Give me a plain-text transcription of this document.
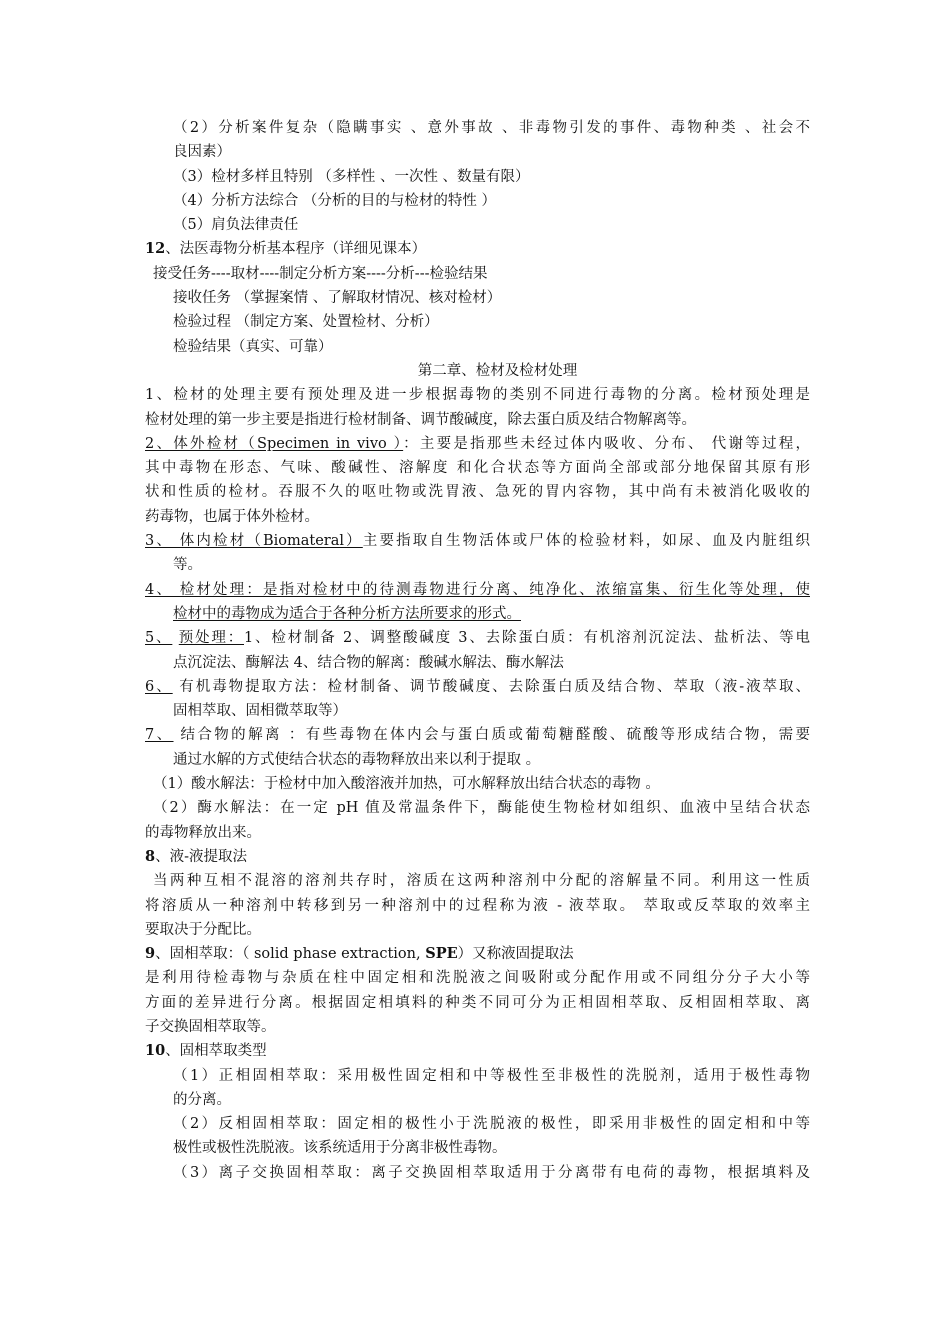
（2）分析案件复杂（隐瞒事实 、意外事故 、非毒物引发的事件、毒物种类 、社会不
良因素）
（3）检材多样且特别 （多样性 、一次性 、数量有限）
（4）分析方法综合 （分析的目的与检材的特性 ）
（5）肩负法律责任
12、法医毒物分析基本程序（详细见课本）
接受任务----取材----制定分析方案----分析---检验结果
接收任务 （掌握案情 、了解取材情况、核对检材）
检验过程 （制定方案、处置检材、分析）
检验结果（真实、可靠）
第二章、检材及检材处理
1、检材的处理主要有预处理及进一步根据毒物的类别不同进行毒物的分离。检材预处理是
检材处理的第一步主要是指进行检材制备、调节酸碱度，除去蛋白质及结合物解离等。
2、体外检材（Specimen in vivo ）：主要是指那些未经过体内吸收、分布、 代谢等过程，
其中毒物在形态、气味、酸碱性、溶解度 和化合状态等方面尚全部或部分地保留其原有形
状和性质的检材。吞服不久的呕吐物或洗胃液、急死的胃内容物，其中尚有未被消化吸收的
药毒物，也属于体外检材。
3、 体内检材（Biomateral）主要指取自生物活体或尸体的检验材料，如尿、血及内脏组织
等。
4、 检材处理：是指对检材中的待测毒物进行分离、纯净化、浓缩富集、衍生化等处理，使
检材中的毒物成为适合于各种分析方法所要求的形式。
5、 预处理：1、检材制备 2、调整酸碱度 3、去除蛋白质：有机溶剂沉淀法、盐析法、等电
点沉淀法、酶解法 4、结合物的解离：酸碱水解法、酶水解法
6、 有机毒物提取方法：检材制备、调节酸碱度、去除蛋白质及结合物、萃取（液-液萃取、
固相萃取、固相微萃取等）
7、 结合物的解离 ：有些毒物在体内会与蛋白质或葡萄糖醛酸、硫酸等形成结合物，需要
通过水解的方式使结合状态的毒物释放出来以利于提取 。
（1）酸水解法：于检材中加入酸溶液并加热，可水解释放出结合状态的毒物 。
（2）酶水解法：在一定 pH 值及常温条件下，酶能使生物检材如组织、血液中呈结合状态
的毒物释放出来。
8、液-液提取法
当两种互相不混溶的溶剂共存时，溶质在这两种溶剂中分配的溶解量不同。利用这一性质
将溶质从一种溶剂中转移到另一种溶剂中的过程称为液 - 液萃取。 萃取或反萃取的效率主
要取决于分配比。
9、固相萃取：（ solid phase extraction, SPE）又称液固提取法
是利用待检毒物与杂质在柱中固定相和洗脱液之间吸附或分配作用或不同组分分子大小等
方面的差异进行分离。根据固定相填料的种类不同可分为正相固相萃取、反相固相萃取、离
子交换固相萃取等。
10、固相萃取类型
（1）正相固相萃取：采用极性固定相和中等极性至非极性的洗脱剂，适用于极性毒物
的分离。
（2）反相固相萃取：固定相的极性小于洗脱液的极性，即采用非极性的固定相和中等
极性或极性洗脱液。该系统适用于分离非极性毒物。
（3）离子交换固相萃取：离子交换固相萃取适用于分离带有电荷的毒物，根据填料及
